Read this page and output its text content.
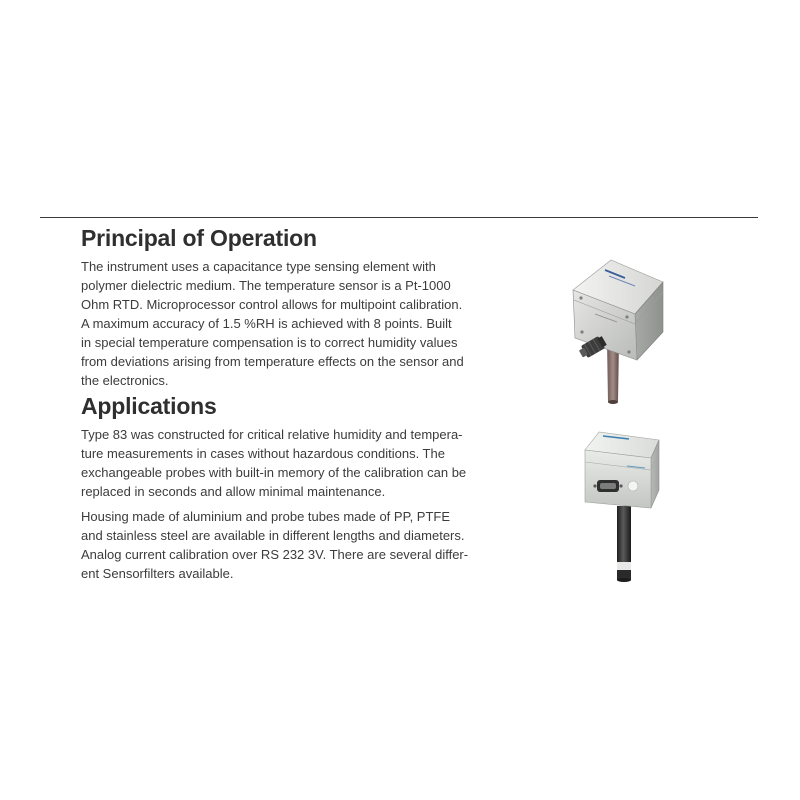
Principal of Operation

The instrument uses a capacitance type sensing element with
polymer dielectric medium. The temperature sensor is a Pt-1000
Ohm RTD. Microprocessor control allows for multipoint calibration.
A maximum accuracy of 1.5 %RH is achieved with 8 points. Built
in special temperature compensation is to correct humidity values
from deviations arising from temperature effects on the sensor and
the electronics.

Applications

Type 83 was constructed for critical relative humidity and tempera-
ture measurements in cases without hazardous conditions. The
exchangeable probes with built-in memory of the calibration can be
replaced in seconds and allow minimal maintenance.

Housing made of aluminium and probe tubes made of PP, PTFE
and stainless steel are available in different lengths and diameters.
Analog current calibration over RS 232 3V. There are several differ-
ent Sensorfilters available.
